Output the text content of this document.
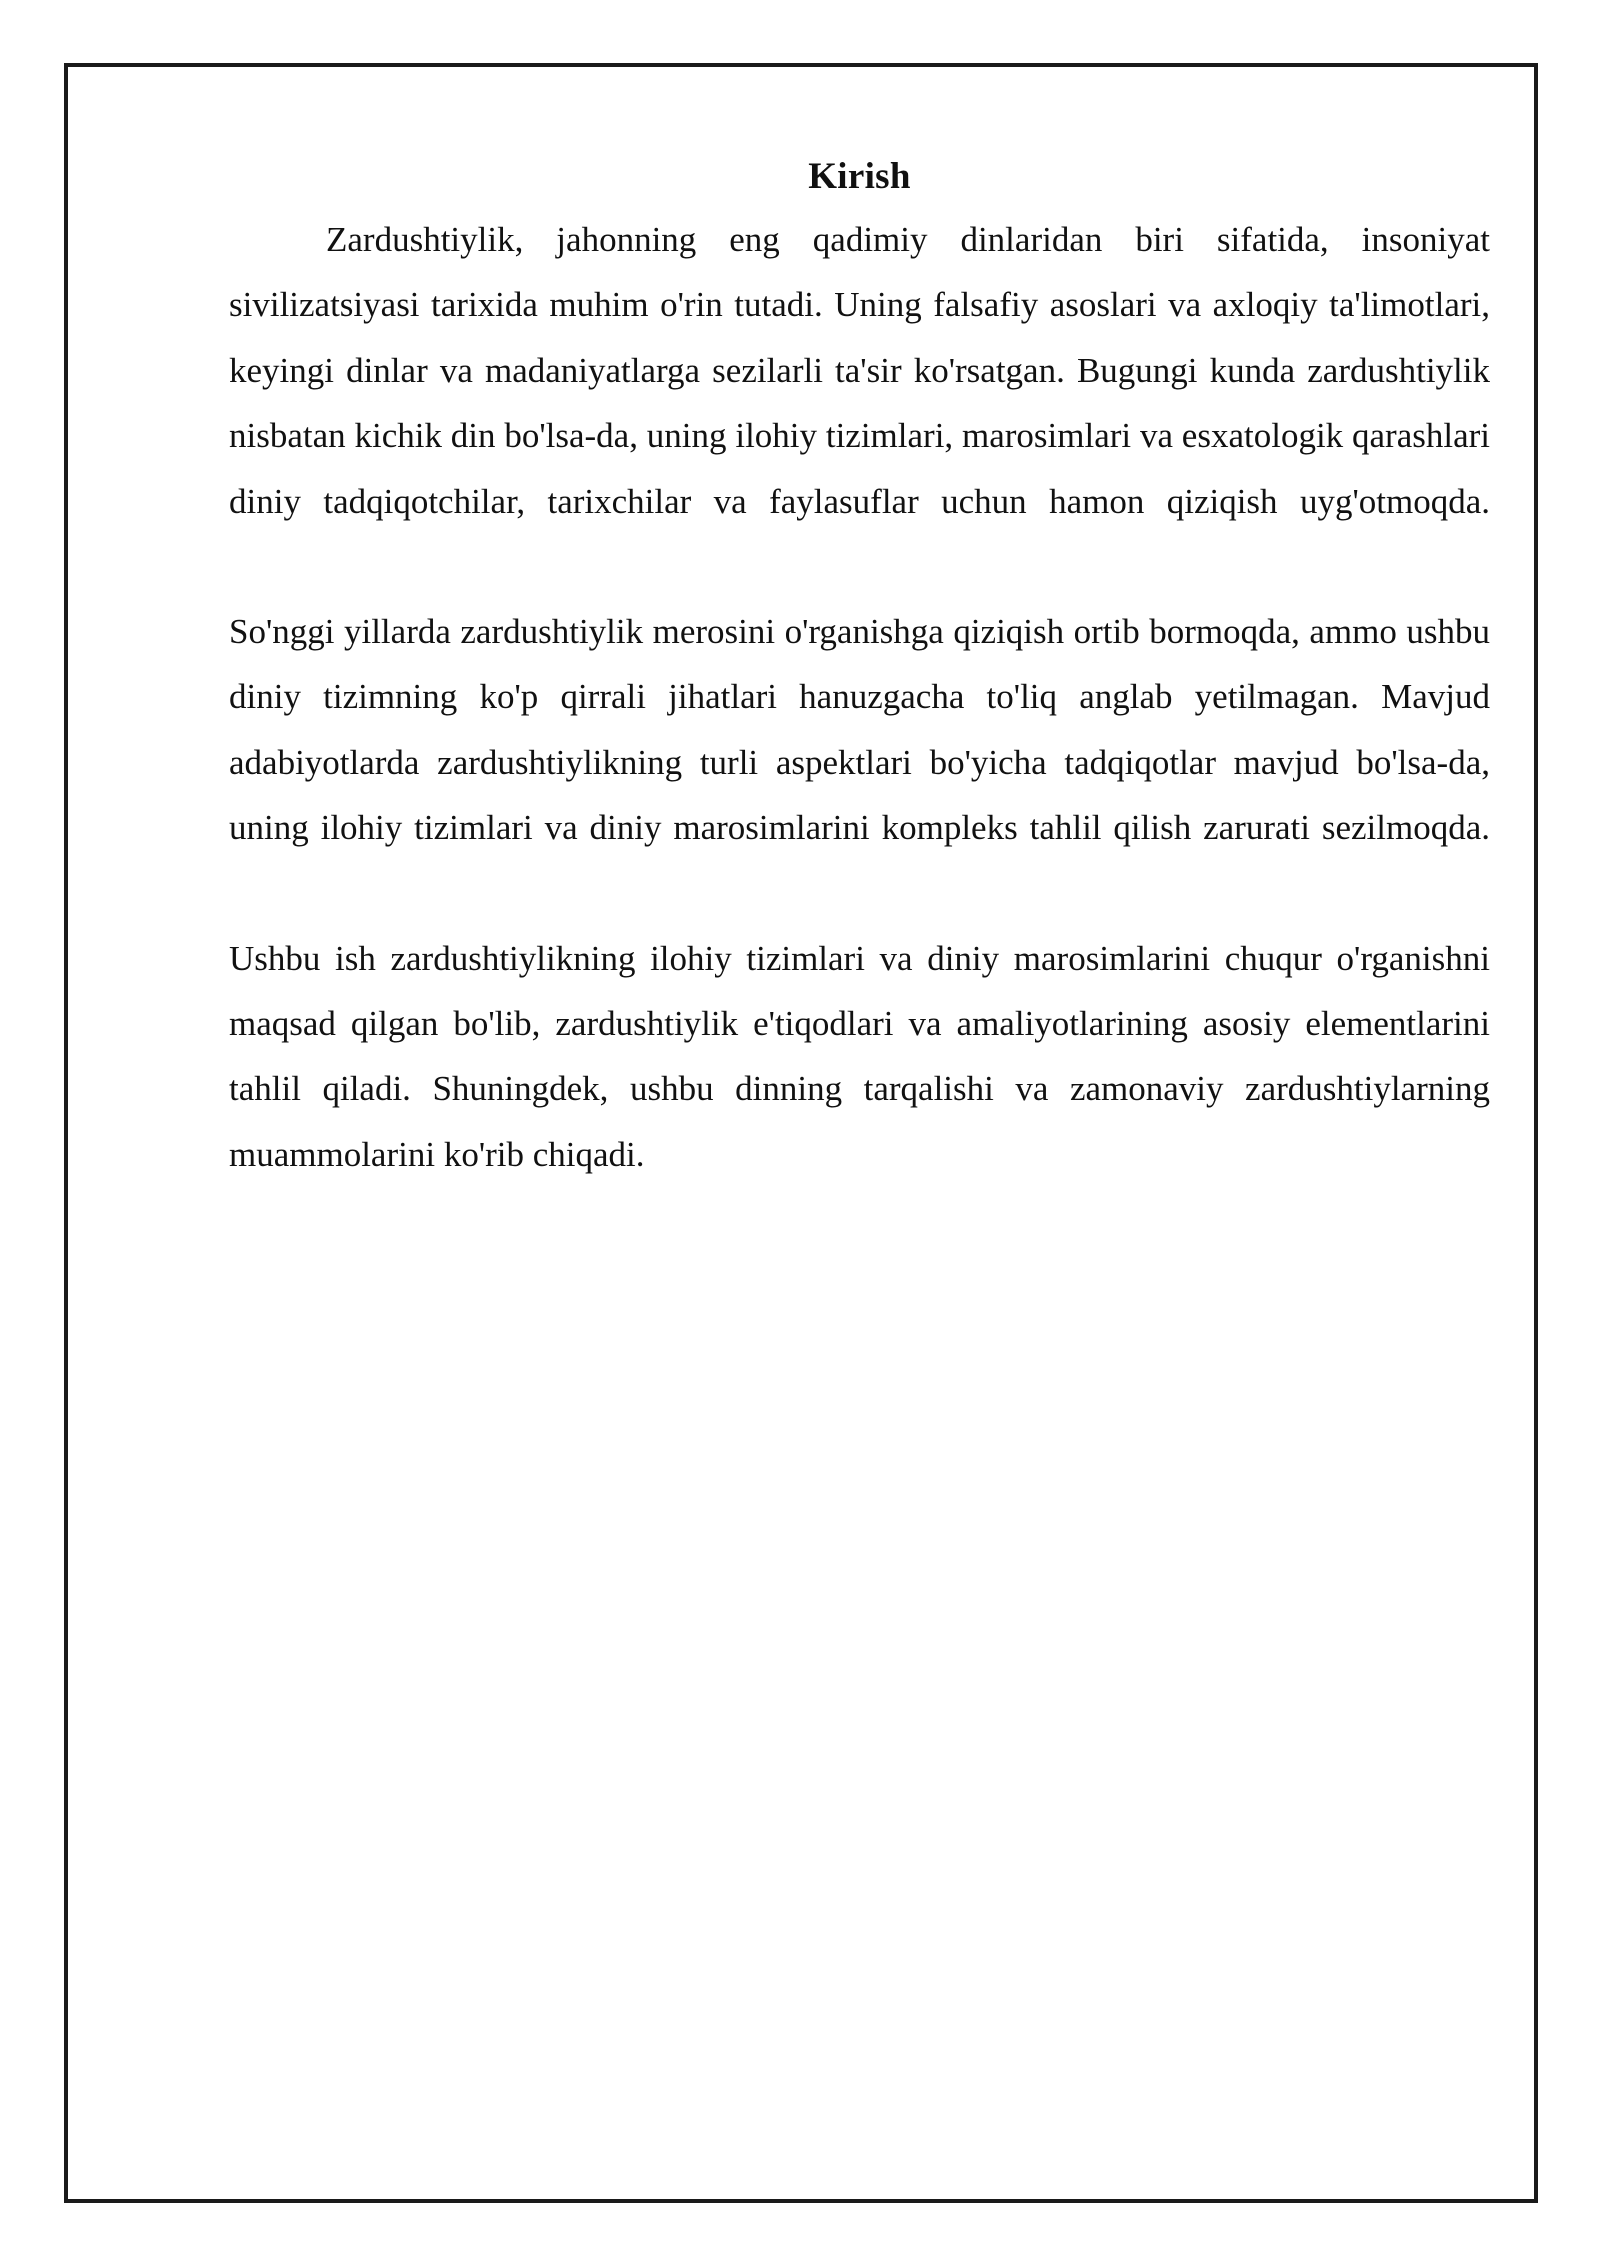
Kirish

Zardushtiylik, jahonning eng qadimiy dinlaridan biri sifatida, insoniyat sivilizatsiyasi tarixida muhim o'rin tutadi. Uning falsafiy asoslari va axloqiy ta'limotlari, keyingi dinlar va madaniyatlarga sezilarli ta'sir ko'rsatgan. Bugungi kunda zardushtiylik nisbatan kichik din bo'lsa-da, uning ilohiy tizimlari, marosimlari va esxatologik qarashlari diniy tadqiqotchilar, tarixchilar va faylasuflar uchun hamon qiziqish uyg'otmoqda.

So'nggi yillarda zardushtiylik merosini o'rganishga qiziqish ortib bormoqda, ammo ushbu diniy tizimning ko'p qirrali jihatlari hanuzgacha to'liq anglab yetilmagan. Mavjud adabiyotlarda zardushtiylikning turli aspektlari bo'yicha tadqiqotlar mavjud bo'lsa-da, uning ilohiy tizimlari va diniy marosimlarini kompleks tahlil qilish zarurati sezilmoqda.

Ushbu ish zardushtiylikning ilohiy tizimlari va diniy marosimlarini chuqur o'rganishni maqsad qilgan bo'lib, zardushtiylik e'tiqodlari va amaliyotlarining asosiy elementlarini tahlil qiladi. Shuningdek, ushbu dinning tarqalishi va zamonaviy zardushtiylarning muammolarini ko'rib chiqadi.
